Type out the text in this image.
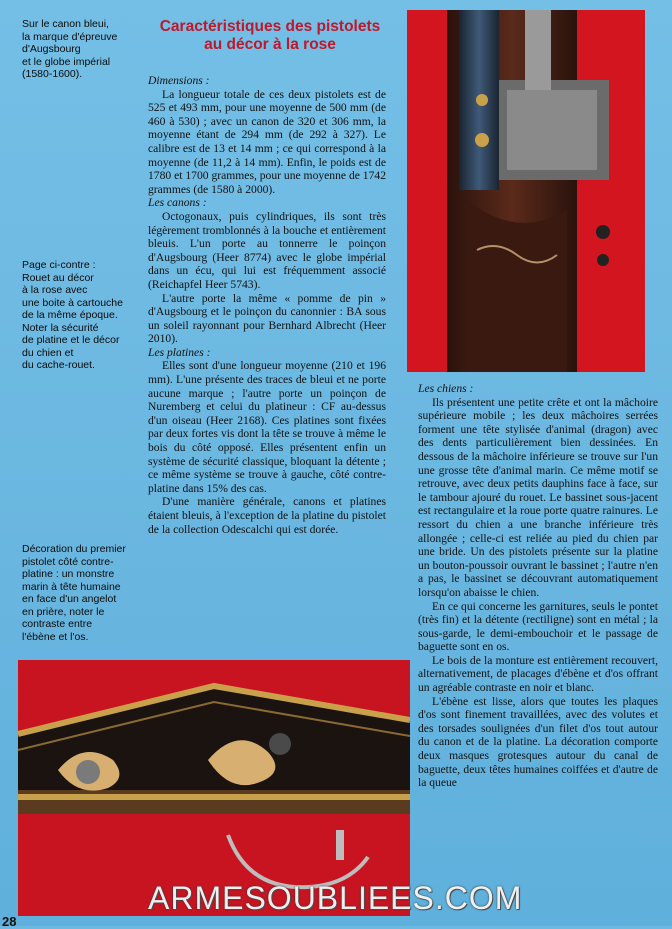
Sur le canon bleui,
la marque d'épreuve
d'Augsbourg
et le globe impérial
(1580-1600).
Page ci-contre :
Rouet au décor
à la rose avec
une boite à cartouche
de la même époque.
Noter la sécurité
de platine et le décor
du chien et
du cache-rouet.
Décoration du premier
pistolet côté contre-
platine : un monstre
marin à tête humaine
en face d'un angelot
en prière, noter le
contraste entre
l'ébène et l'os.
Caractéristiques des pistolets
au décor à la rose

Dimensions :

La longueur totale de ces deux pistolets est de 525 et 493 mm, pour une moyenne de 500 mm (de 460 à 530) ; avec un canon de 320 et 306 mm, la moyenne étant de 294 mm (de 292 à 327). Le calibre est de 13 et 14 mm ; ce qui correspond à la moyenne (de 11,2 à 14 mm). Enfin, le poids est de 1780 et 1700 grammes, pour une moyenne de 1742 grammes (de 1580 à 2000).

Les canons :

Octogonaux, puis cylindriques, ils sont très légèrement tromblonnés à la bouche et entièrement bleuis. L'un porte au tonnerre le poinçon d'Augsbourg (Heer 8774) avec le globe impérial dans un écu, qui lui est fréquemment associé (Reichapfel Heer 5743).

L'autre porte la même « pomme de pin » d'Augsbourg et le poinçon du canonnier : BA sous un soleil rayonnant pour Bernhard Albrecht (Heer 2010).

Les platines :

Elles sont d'une longueur moyenne (210 et 196 mm). L'une présente des traces de bleui et ne porte aucune marque ; l'autre porte un poinçon de Nuremberg et celui du platineur : CF au-dessus d'un oiseau (Heer 2168). Ces platines sont fixées par deux fortes vis dont la tête se trouve à même le bois du côté opposé. Elles présentent enfin un système de sécurité classique, bloquant la détente ; ce même système se trouve à gauche, côté contre-platine dans 15% des cas.

D'une manière générale, canons et platines étaient bleuis, à l'exception de la platine du pistolet de la collection Odescalchi qui est dorée.

Les chiens :

Ils présentent une petite crête et ont la mâchoire supérieure mobile ; les deux mâchoires serrées forment une tête stylisée d'animal (dragon) avec des dents particulièrement bien dessinées. En dessous de la mâchoire inférieure se trouve sur l'un une grosse tête d'animal marin. Ce même motif se retrouve, avec deux petits dauphins face à face, sur le tambour ajouré du rouet. Le bassinet sous-jacent est rectangulaire et la roue porte quatre rainures. Le ressort du chien a une branche inférieure très allongée ; celle-ci est reliée au pied du chien par une bride. Un des pistolets présente sur la platine un bouton-poussoir ouvrant le bassinet ; l'autre n'en a pas, le bassinet se découvrant automatiquement lorsqu'on abaisse le chien.

En ce qui concerne les garnitures, seuls le pontet (très fin) et la détente (rectiligne) sont en métal ; la sous-garde, le demi-embouchoir et le passage de baguette sont en os.

Le bois de la monture est entièrement recouvert, alternativement, de placages d'ébène et d'os offrant un agréable contraste en noir et blanc.

L'ébène est lisse, alors que toutes les plaques d'os sont finement travaillées, avec des volutes et des torsades soulignées d'un filet d'os tout autour du canon et de la platine. La décoration comporte deux masques grotesques autour du canal de baguette, deux têtes humaines coiffées et d'autre de la queue

ARMESOUBLIEES.COM
28
